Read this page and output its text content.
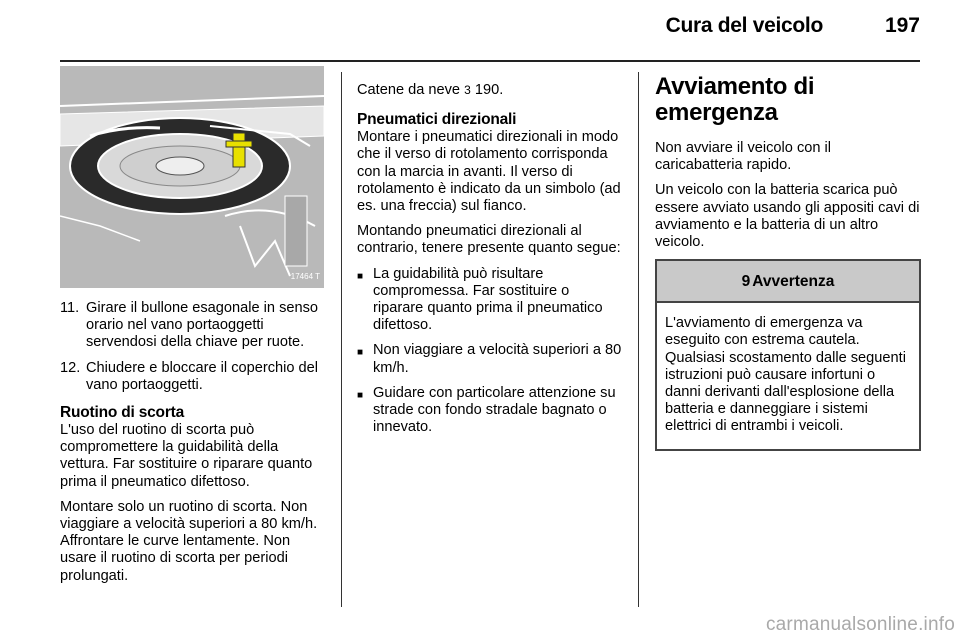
Cura del veicolo	197
17464 T
11. Girare il bullone esagonale in senso orario nel vano portaoggetti servendosi della chiave per ruote.
12. Chiudere e bloccare il coperchio del vano portaoggetti.
Ruotino di scorta

L'uso del ruotino di scorta può compromettere la guidabilità della vettura. Far sostituire o riparare quanto prima il pneumatico difettoso.

Montare solo un ruotino di scorta. Non viaggiare a velocità superiori a 80 km/h. Affrontare le curve lentamente. Non usare il ruotino di scorta per periodi prolungati.

Catene da neve 3 190.

Pneumatici direzionali

Montare i pneumatici direzionali in modo che il verso di rotolamento corrisponda con la marcia in avanti. Il verso di rotolamento è indicato da un simbolo (ad es. una freccia) sul fianco.

Montando pneumatici direzionali al contrario, tenere presente quanto segue:

■ La guidabilità può risultare compromessa. Far sostituire o riparare quanto prima il pneumatico difettoso.
■ Non viaggiare a velocità superiori a 80 km/h.
■ Guidare con particolare attenzione su strade con fondo stradale bagnato o innevato.
Avviamento di emergenza

Non avviare il veicolo con il caricabatteria rapido.

Un veicolo con la batteria scarica può essere avviato usando gli appositi cavi di avviamento e la batteria di un altro veicolo.

9 Avvertenza
L'avviamento di emergenza va eseguito con estrema cautela. Qualsiasi scostamento dalle seguenti istruzioni può causare infortuni o danni derivanti dall'esplosione della batteria e danneggiare i sistemi elettrici di entrambi i veicoli.
carmanualsonline.info
